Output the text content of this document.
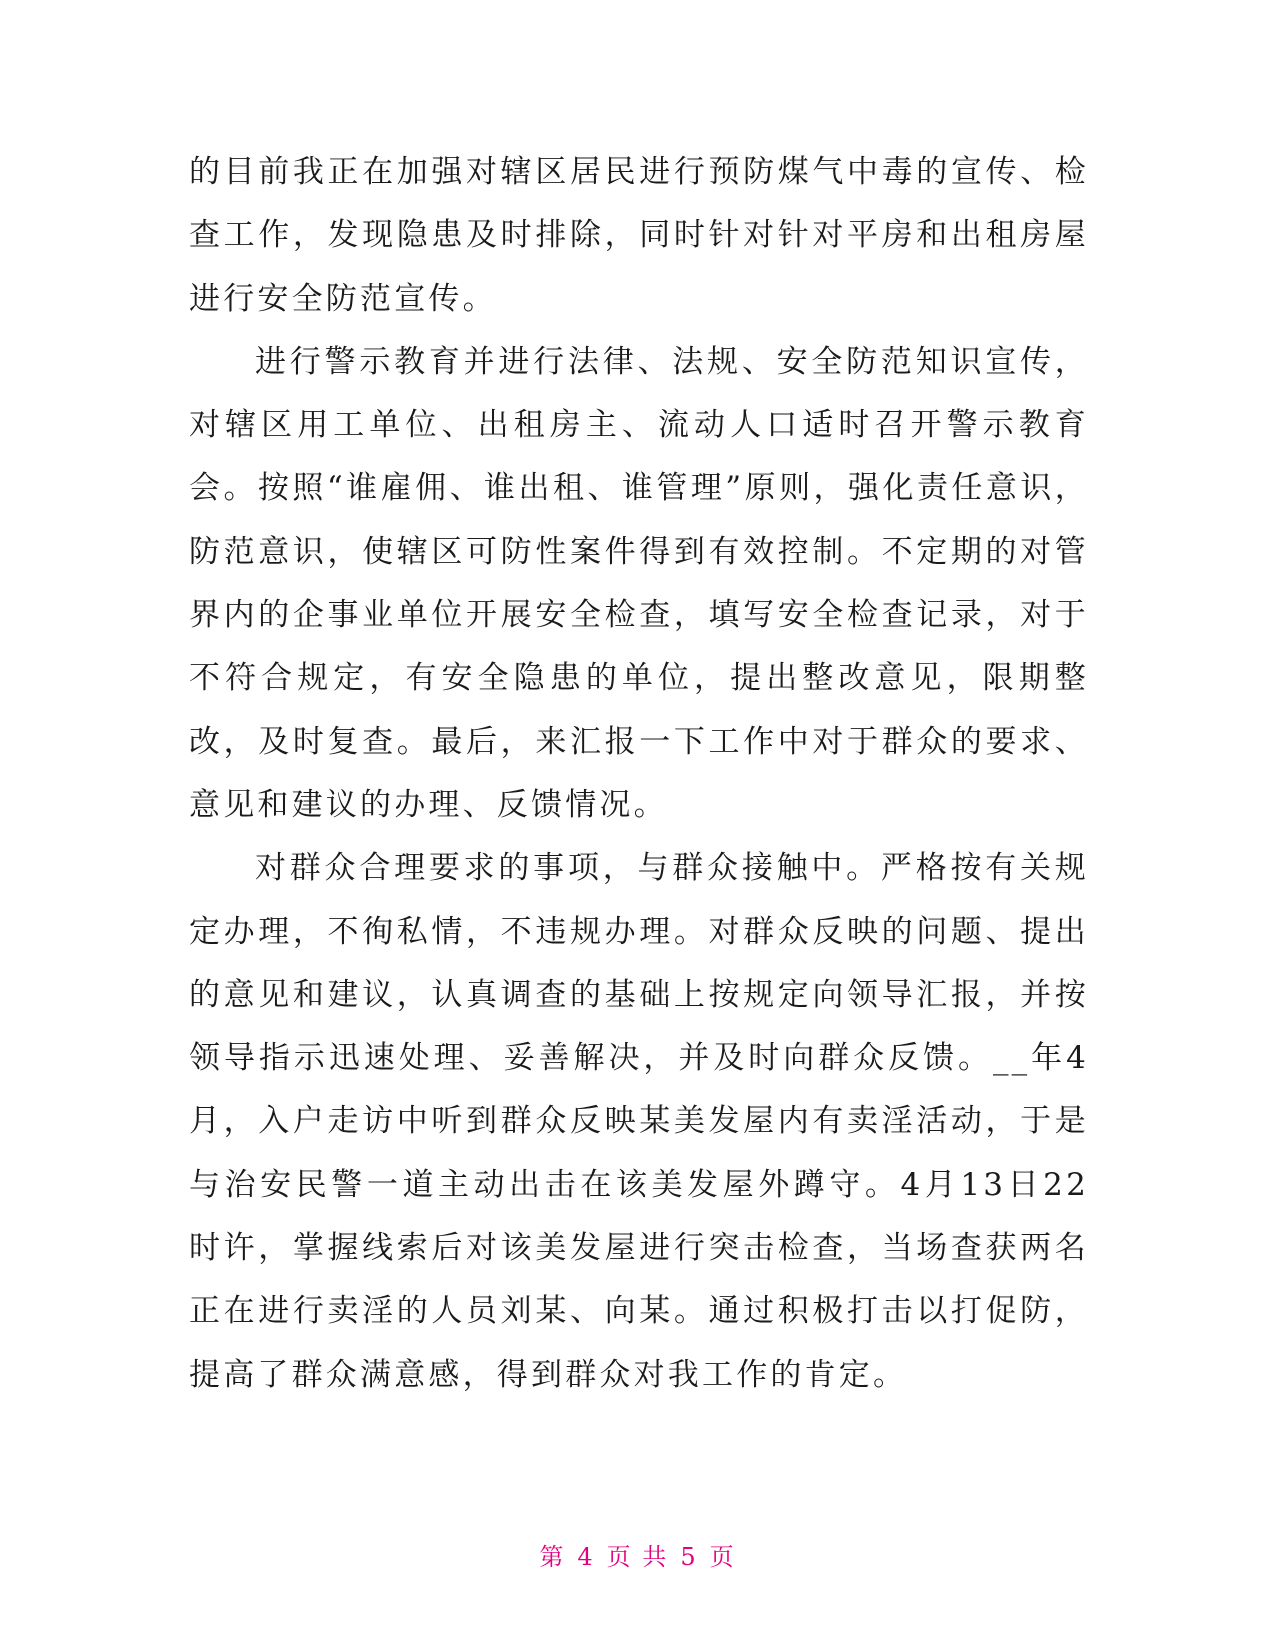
的目前我正在加强对辖区居民进行预防煤气中毒的宣传、检查工作，发现隐患及时排除，同时针对针对平房和出租房屋进行安全防范宣传。

进行警示教育并进行法律、法规、安全防范知识宣传，对辖区用工单位、出租房主、流动人口适时召开警示教育会。按照“谁雇佣、谁出租、谁管理”原则，强化责任意识，防范意识，使辖区可防性案件得到有效控制。不定期的对管界内的企事业单位开展安全检查，填写安全检查记录，对于不符合规定，有安全隐患的单位，提出整改意见，限期整改，及时复查。最后，来汇报一下工作中对于群众的要求、意见和建议的办理、反馈情况。

对群众合理要求的事项，与群众接触中。严格按有关规定办理，不徇私情，不违规办理。对群众反映的问题、提出的意见和建议，认真调查的基础上按规定向领导汇报，并按领导指示迅速处理、妥善解决，并及时向群众反馈。__年4月，入户走访中听到群众反映某美发屋内有卖淫活动，于是与治安民警一道主动出击在该美发屋外蹲守。4月13日22时许，掌握线索后对该美发屋进行突击检查，当场查获两名正在进行卖淫的人员刘某、向某。通过积极打击以打促防，提高了群众满意感，得到群众对我工作的肯定。

第 4 页 共 5 页
